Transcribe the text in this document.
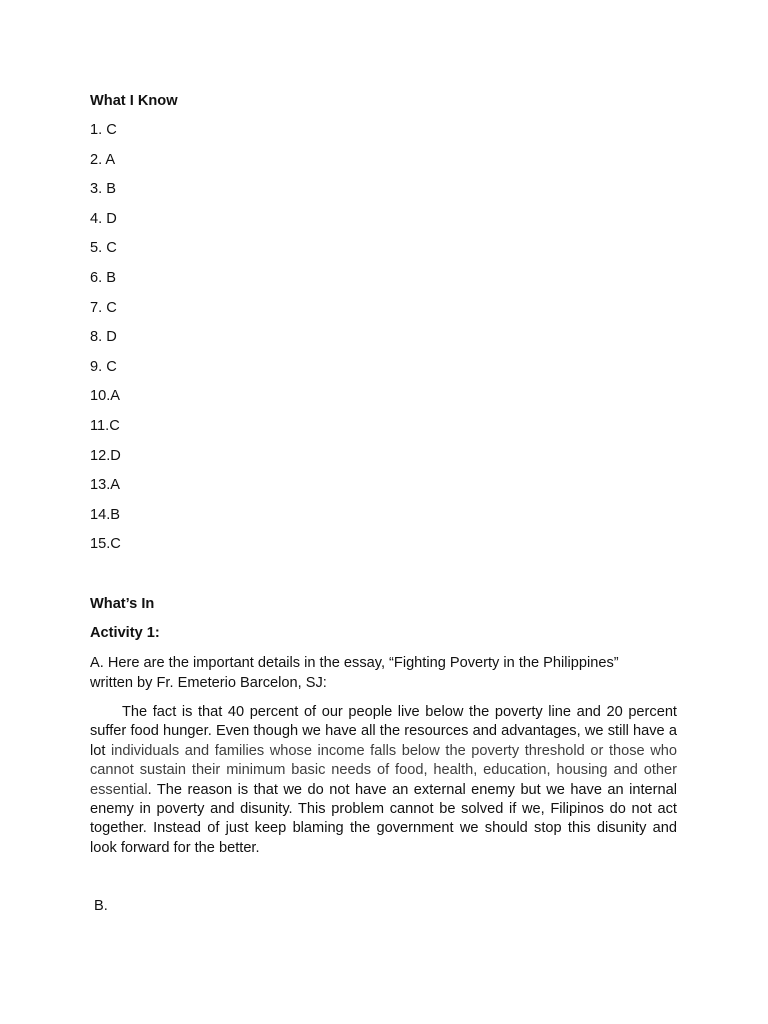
What I Know
1. C
2. A
3. B
4. D
5. C
6. B
7. C
8. D
9. C
10.A
11.C
12.D
13.A
14.B
15.C
What’s In
Activity 1:
A. Here are the important details in the essay, “Fighting Poverty in the Philippines”
written by Fr. Emeterio Barcelon, SJ:

The fact is that 40 percent of our people live below the poverty line and 20 percent suffer food hunger. Even though we have all the resources and advantages, we still have a lot individuals and families whose income falls below the poverty threshold or those who cannot sustain their minimum basic needs of food, health, education, housing and other essential. The reason is that we do not have an external enemy but we have an internal enemy in poverty and disunity. This problem cannot be solved if we, Filipinos do not act together. Instead of just keep blaming the government we should stop this disunity and look forward for the better.

B.
